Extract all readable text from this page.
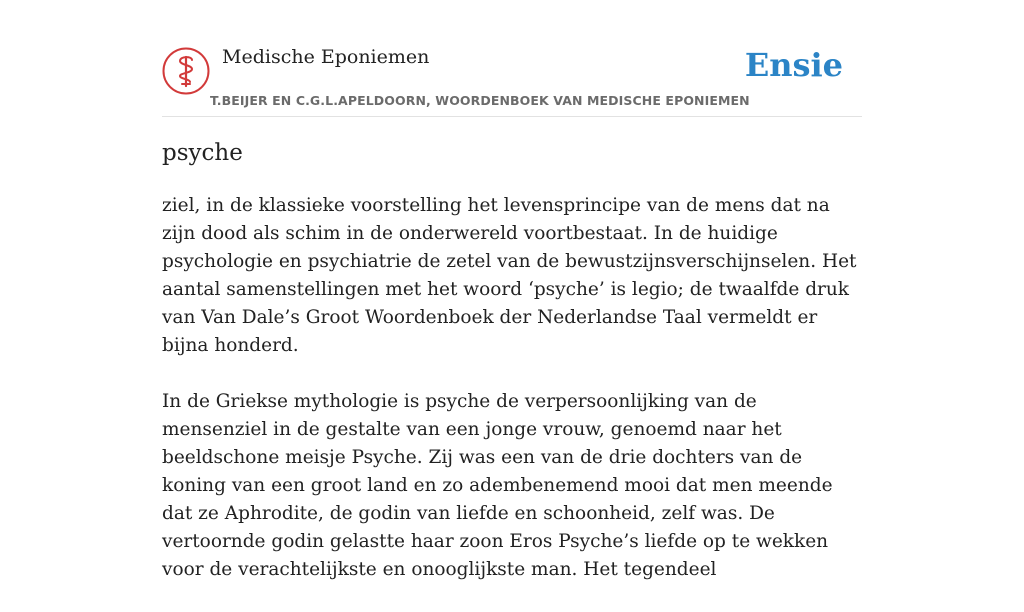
Medische Eponiemen
T.BEIJER EN C.G.L.APELDOORN, WOORDENBOEK VAN MEDISCHE EPONIEMEN
Ensie
psyche

ziel, in de klassieke voorstelling het levensprincipe van de mens dat na zijn dood als schim in de onderwereld voortbestaat. In de huidige psychologie en psychiatrie de zetel van de bewustzijnsverschijnselen. Het aantal samenstellingen met het woord ‘psyche’ is legio; de twaalfde druk van Van Dale’s Groot Woordenboek der Nederlandse Taal vermeldt er bijna honderd.

In de Griekse mythologie is psyche de verpersoonlijking van de mensenziel in de gestalte van een jonge vrouw, genoemd naar het beeldschone meisje Psyche. Zij was een van de drie dochters van de koning van een groot land en zo adembenemend mooi dat men meende dat ze Aphrodite, de godin van liefde en schoonheid, zelf was. De vertoornde godin gelastte haar zoon Eros Psyche’s liefde op te wekken voor de verachtelijkste en onooglijkste man. Het tegendeel
